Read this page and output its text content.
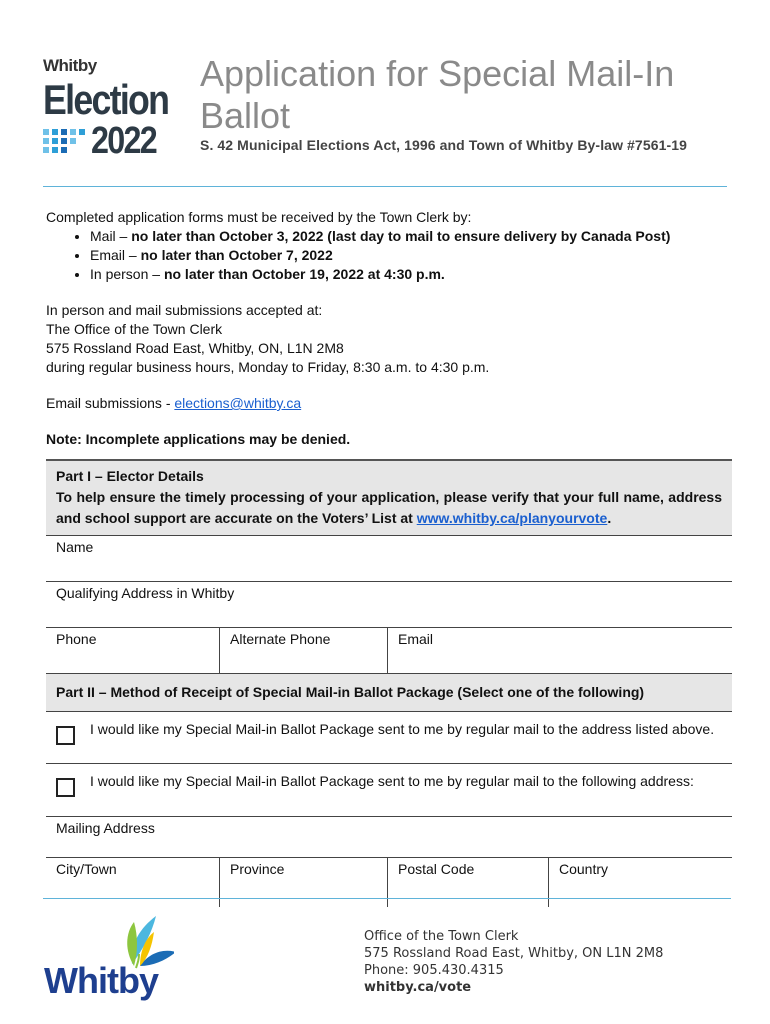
Whitby
Election
2022
Application for Special Mail-In Ballot
S. 42 Municipal Elections Act, 1996 and Town of Whitby By-law #7561-19

Completed application forms must be received by the Town Clerk by:

• Mail – no later than October 3, 2022 (last day to mail to ensure delivery by Canada Post)
• Email – no later than October 7, 2022
• In person – no later than October 19, 2022 at 4:30 p.m.

In person and mail submissions accepted at:

The Office of the Town Clerk

575 Rossland Road East, Whitby, ON, L1N 2M8

during regular business hours, Monday to Friday, 8:30 a.m. to 4:30 p.m.

Email submissions - elections@whitby.ca

Note: Incomplete applications may be denied.

Part I – Elector Details
To help ensure the timely processing of your application, please verify that your full name, address and school support are accurate on the Voters’ List at www.whitby.ca/planyourvote.
Name
Qualifying Address in Whitby
Phone	Alternate Phone	Email
Part II – Method of Receipt of Special Mail-in Ballot Package (Select one of the following)
I would like my Special Mail-in Ballot Package sent to me by regular mail to the address listed above.
I would like my Special Mail-in Ballot Package sent to me by regular mail to the following address:
Mailing Address
City/Town	Province	Postal Code	Country
Whitby
Office of the Town Clerk
575 Rossland Road East, Whitby, ON L1N 2M8
Phone: 905.430.4315
whitby.ca/vote
